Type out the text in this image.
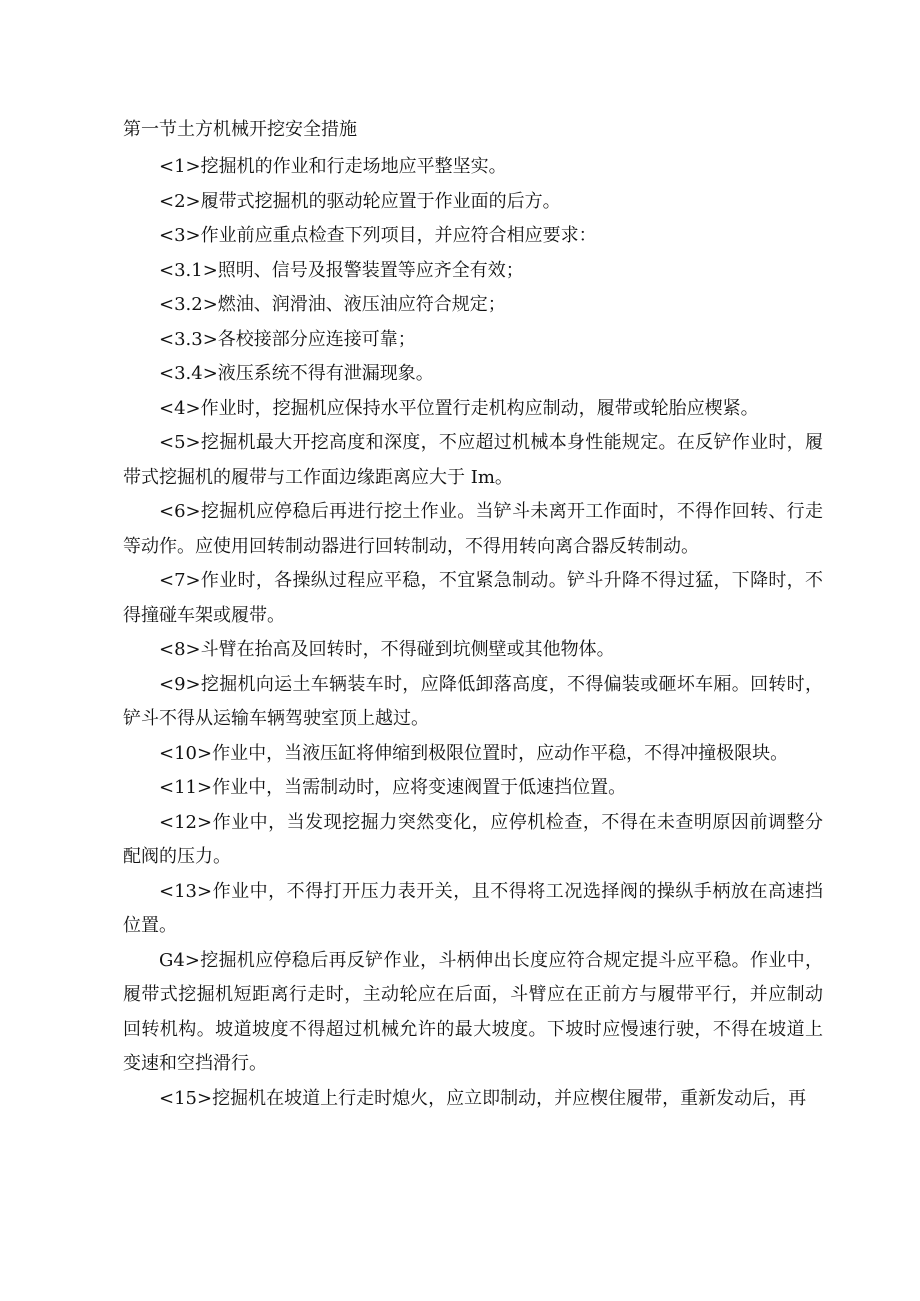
第一节土方机械开挖安全措施

<1>挖掘机的作业和行走场地应平整坚实。

<2>履带式挖掘机的驱动轮应置于作业面的后方。

<3>作业前应重点检查下列项目，并应符合相应要求：

<3.1>照明、信号及报警装置等应齐全有效；

<3.2>燃油、润滑油、液压油应符合规定；

<3.3>各校接部分应连接可靠；

<3.4>液压系统不得有泄漏现象。

<4>作业时，挖掘机应保持水平位置行走机构应制动，履带或轮胎应楔紧。

<5>挖掘机最大开挖高度和深度，不应超过机械本身性能规定。在反铲作业时，履带式挖掘机的履带与工作面边缘距离应大于 Im。

<6>挖掘机应停稳后再进行挖土作业。当铲斗未离开工作面时，不得作回转、行走等动作。应使用回转制动器进行回转制动，不得用转向离合器反转制动。

<7>作业时，各操纵过程应平稳，不宜紧急制动。铲斗升降不得过猛，下降时，不得撞碰车架或履带。

<8>斗臂在抬高及回转时，不得碰到坑侧壁或其他物体。

<9>挖掘机向运土车辆装车时，应降低卸落高度，不得偏装或砸坏车厢。回转时，铲斗不得从运输车辆驾驶室顶上越过。

<10>作业中，当液压缸将伸缩到极限位置时，应动作平稳，不得冲撞极限块。

<11>作业中，当需制动时，应将变速阀置于低速挡位置。

<12>作业中，当发现挖掘力突然变化，应停机检查，不得在未查明原因前调整分配阀的压力。

<13>作业中，不得打开压力表开关，且不得将工况选择阀的操纵手柄放在高速挡位置。

G4>挖掘机应停稳后再反铲作业，斗柄伸出长度应符合规定提斗应平稳。作业中，履带式挖掘机短距离行走时，主动轮应在后面，斗臂应在正前方与履带平行，并应制动回转机构。坡道坡度不得超过机械允许的最大坡度。下坡时应慢速行驶，不得在坡道上变速和空挡滑行。

<15>挖掘机在坡道上行走时熄火，应立即制动，并应楔住履带，重新发动后，再
